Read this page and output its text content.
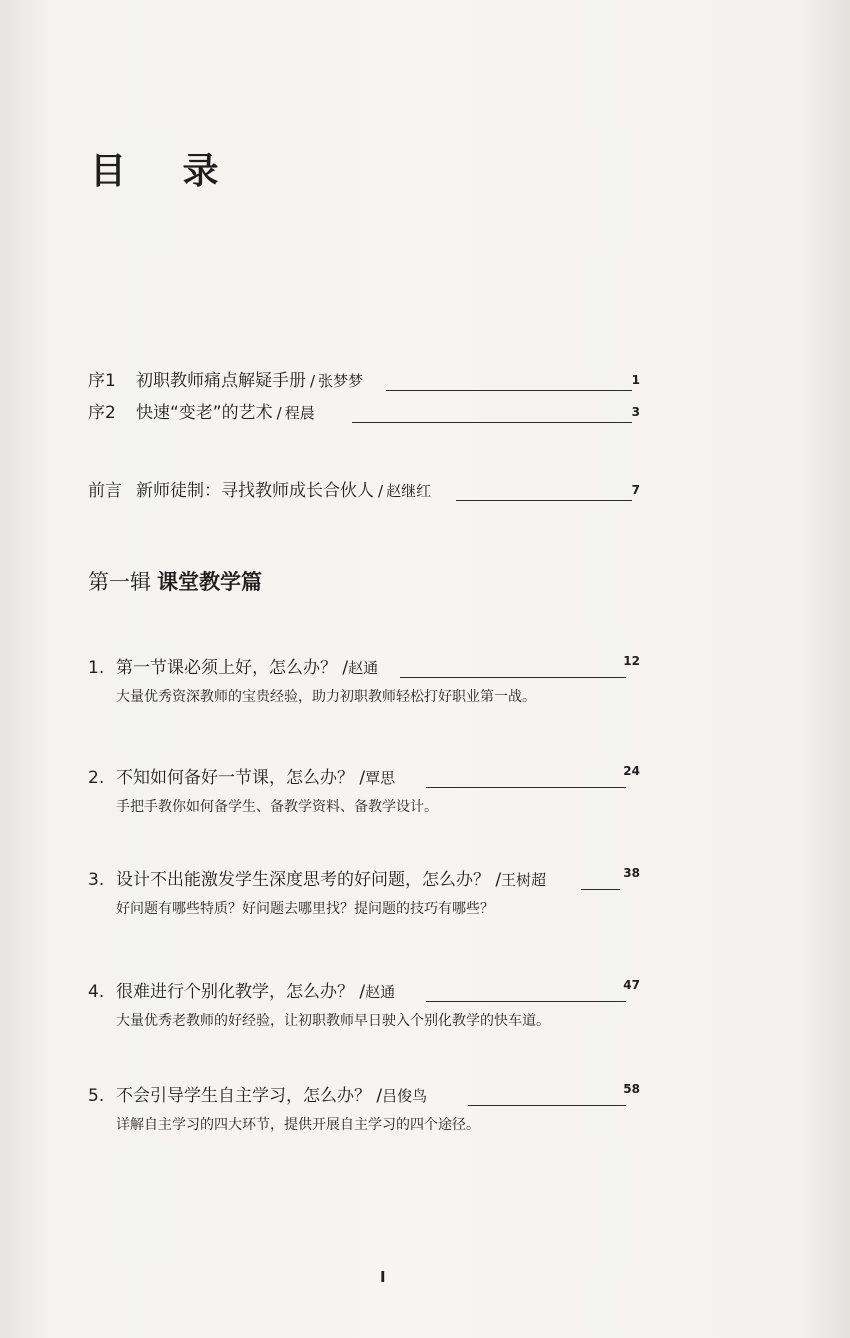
目 录
序1 初职教师痛点解疑手册 / 张梦梦	1
序2 快速“变老”的艺术 / 程晨	3
前言 新师徒制：寻找教师成长合伙人 / 赵继红	7
第一辑 课堂教学篇
1. 第一节课必须上好，怎么办？ /赵通	12
大量优秀资深教师的宝贵经验，助力初职教师轻松打好职业第一战。
2. 不知如何备好一节课，怎么办？ /覃思	24
手把手教你如何备学生、备教学资料、备教学设计。
3. 设计不出能激发学生深度思考的好问题，怎么办？ /王树超	38
好问题有哪些特质？好问题去哪里找？提问题的技巧有哪些？
4. 很难进行个别化教学，怎么办？ /赵通	47
大量优秀老教师的好经验，让初职教师早日驶入个别化教学的快车道。
5. 不会引导学生自主学习，怎么办？ /吕俊鸟	58
详解自主学习的四大环节，提供开展自主学习的四个途径。
I
